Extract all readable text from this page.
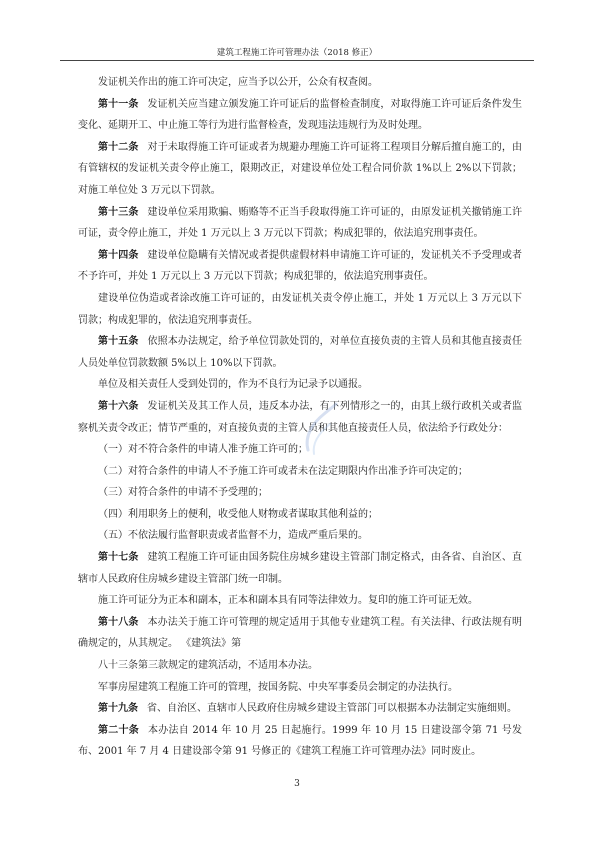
建筑工程施工许可管理办法（2018 修正）

发证机关作出的施工许可决定，应当予以公开，公众有权查阅。

第十一条 发证机关应当建立颁发施工许可证后的监督检查制度，对取得施工许可证后条件发生变化、延期开工、中止施工等行为进行监督检查，发现违法违规行为及时处理。

第十二条 对于未取得施工许可证或者为规避办理施工许可证将工程项目分解后擅自施工的，由有管辖权的发证机关责令停止施工，限期改正，对建设单位处工程合同价款 1%以上 2%以下罚款；对施工单位处 3 万元以下罚款。

第十三条 建设单位采用欺骗、贿赂等不正当手段取得施工许可证的，由原发证机关撤销施工许可证，责令停止施工，并处 1 万元以上 3 万元以下罚款；构成犯罪的，依法追究刑事责任。

第十四条 建设单位隐瞒有关情况或者提供虚假材料申请施工许可证的，发证机关不予受理或者不予许可，并处 1 万元以上 3 万元以下罚款；构成犯罪的，依法追究刑事责任。

建设单位伪造或者涂改施工许可证的，由发证机关责令停止施工，并处 1 万元以上 3 万元以下罚款；构成犯罪的，依法追究刑事责任。

第十五条 依照本办法规定，给予单位罚款处罚的，对单位直接负责的主管人员和其他直接责任人员处单位罚款数额 5%以上 10%以下罚款。

单位及相关责任人受到处罚的，作为不良行为记录予以通报。

第十六条 发证机关及其工作人员，违反本办法，有下列情形之一的，由其上级行政机关或者监察机关责令改正；情节严重的，对直接负责的主管人员和其他直接责任人员，依法给予行政处分：

（一）对不符合条件的申请人准予施工许可的；

（二）对符合条件的申请人不予施工许可或者未在法定期限内作出准予许可决定的；

（三）对符合条件的申请不予受理的；

（四）利用职务上的便利，收受他人财物或者谋取其他利益的；

（五）不依法履行监督职责或者监督不力，造成严重后果的。

第十七条 建筑工程施工许可证由国务院住房城乡建设主管部门制定格式，由各省、自治区、直辖市人民政府住房城乡建设主管部门统一印制。

施工许可证分为正本和副本，正本和副本具有同等法律效力。复印的施工许可证无效。

第十八条 本办法关于施工许可管理的规定适用于其他专业建筑工程。有关法律、行政法规有明确规定的，从其规定。 《建筑法》第

八十三条第三款规定的建筑活动，不适用本办法。

军事房屋建筑工程施工许可的管理，按国务院、中央军事委员会制定的办法执行。

第十九条 省、自治区、直辖市人民政府住房城乡建设主管部门可以根据本办法制定实施细则。

第二十条 本办法自 2014 年 10 月 25 日起施行。1999 年 10 月 15 日建设部令第 71 号发布、2001 年 7 月 4 日建设部令第 91 号修正的《建筑工程施工许可管理办法》同时废止。

3
